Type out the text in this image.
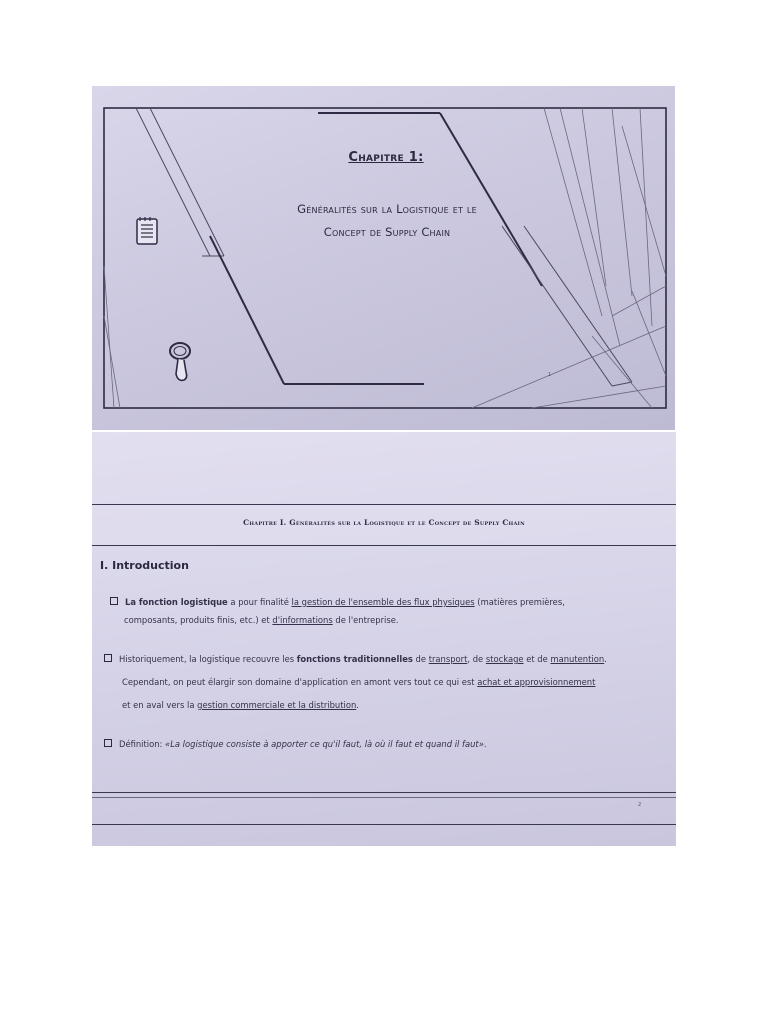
Chapitre 1:
Généralités sur la Logistique et le
Concept de Supply Chain
1
Chapitre I. Généralités sur la Logistique et le Concept de Supply Chain
I. Introduction
La fonction logistique a pour finalité la gestion de l'ensemble des flux physiques (matières premières,
composants, produits finis, etc.) et d'informations de l'entreprise.
Historiquement, la logistique recouvre les fonctions traditionnelles de transport, de stockage et de manutention.
Cependant, on peut élargir son domaine d'application en amont vers tout ce qui est achat et approvisionnement
et en aval vers la gestion commerciale et la distribution.
Définition: «La logistique consiste à apporter ce qu'il faut, là où il faut et quand il faut».
2
